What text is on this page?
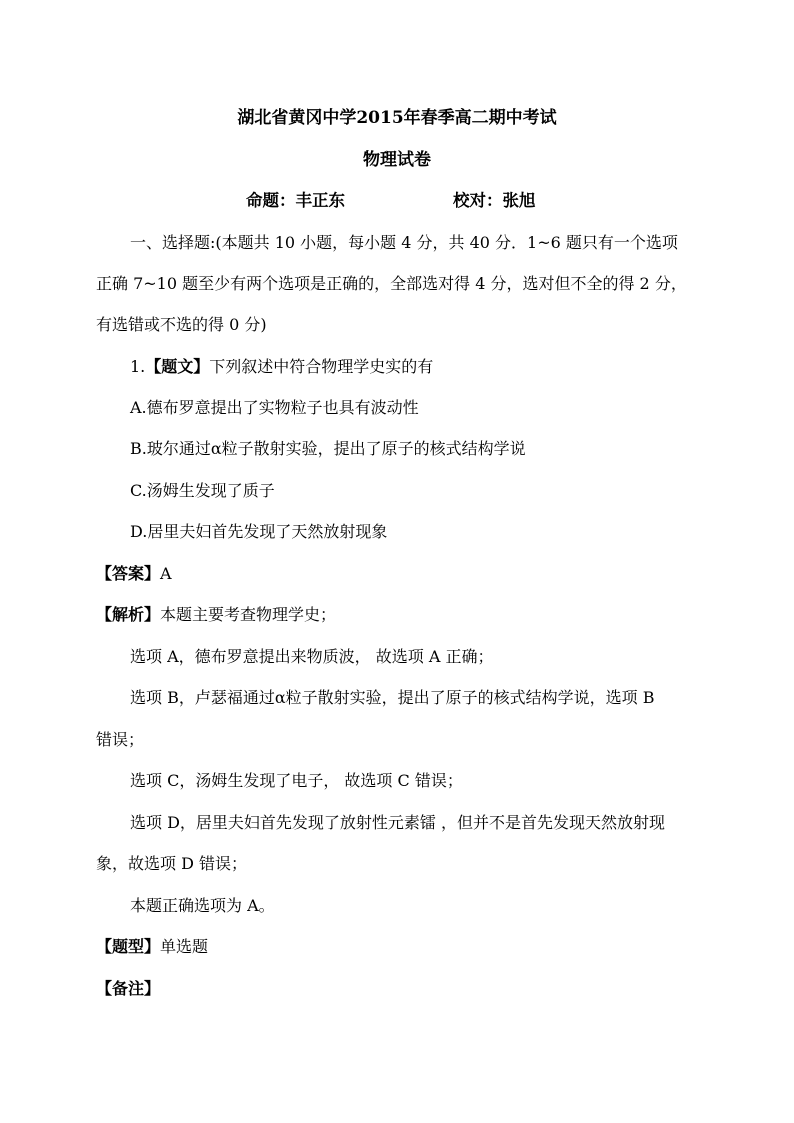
湖北省黄冈中学2015年春季高二期中考试
物理试卷
命题：丰正东	校对：张旭
一、选择题:(本题共 10 小题，每小题 4 分，共 40 分．1~6 题只有一个选项
正确 7~10 题至少有两个选项是正确的，全部选对得 4 分，选对但不全的得 2 分，
有选错或不选的得 0 分)
1.【题文】下列叙述中符合物理学史实的有
A.德布罗意提出了实物粒子也具有波动性
B.玻尔通过α粒子散射实验，提出了原子的核式结构学说
C.汤姆生发现了质子
D.居里夫妇首先发现了天然放射现象
【答案】A
【解析】本题主要考查物理学史；
选项 A，德布罗意提出来物质波， 故选项 A 正确；
选项 B，卢瑟福通过α粒子散射实验，提出了原子的核式结构学说，选项 B
错误；
选项 C，汤姆生发现了电子， 故选项 C 错误；
选项 D，居里夫妇首先发现了放射性元素镭 ，但并不是首先发现天然放射现
象，故选项 D 错误；
本题正确选项为 A。
【题型】单选题
【备注】
